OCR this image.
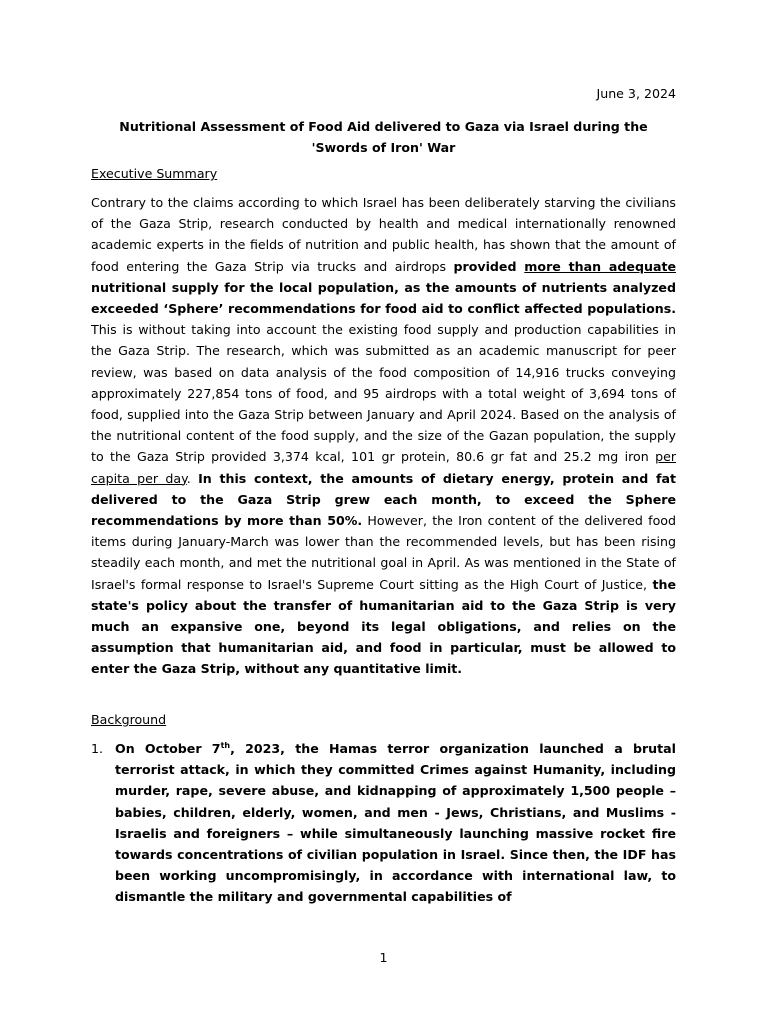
June 3, 2024
Nutritional Assessment of Food Aid delivered to Gaza via Israel during the
'Swords of Iron' War
Executive Summary
Contrary to the claims according to which Israel has been deliberately starving the civilians of the Gaza Strip, research conducted by health and medical internationally renowned academic experts in the fields of nutrition and public health, has shown that the amount of food entering the Gaza Strip via trucks and airdrops provided more than adequate nutritional supply for the local population, as the amounts of nutrients analyzed exceeded ‘Sphere’ recommendations for food aid to conflict affected populations. This is without taking into account the existing food supply and production capabilities in the Gaza Strip. The research, which was submitted as an academic manuscript for peer review, was based on data analysis of the food composition of 14,916 trucks conveying approximately 227,854 tons of food, and 95 airdrops with a total weight of 3,694 tons of food, supplied into the Gaza Strip between January and April 2024. Based on the analysis of the nutritional content of the food supply, and the size of the Gazan population, the supply to the Gaza Strip provided 3,374 kcal, 101 gr protein, 80.6 gr fat and 25.2 mg iron per capita per day. In this context, the amounts of dietary energy, protein and fat delivered to the Gaza Strip grew each month, to exceed the Sphere recommendations by more than 50%. However, the Iron content of the delivered food items during January-March was lower than the recommended levels, but has been rising steadily each month, and met the nutritional goal in April. As was mentioned in the State of Israel's formal response to Israel's Supreme Court sitting as the High Court of Justice, the state's policy about the transfer of humanitarian aid to the Gaza Strip is very much an expansive one, beyond its legal obligations, and relies on the assumption that humanitarian aid, and food in particular, must be allowed to enter the Gaza Strip, without any quantitative limit.
Background
1. On October 7th, 2023, the Hamas terror organization launched a brutal terrorist attack, in which they committed Crimes against Humanity, including murder, rape, severe abuse, and kidnapping of approximately 1,500 people – babies, children, elderly, women, and men - Jews, Christians, and Muslims - Israelis and foreigners – while simultaneously launching massive rocket fire towards concentrations of civilian population in Israel. Since then, the IDF has been working uncompromisingly, in accordance with international law, to dismantle the military and governmental capabilities of
1
